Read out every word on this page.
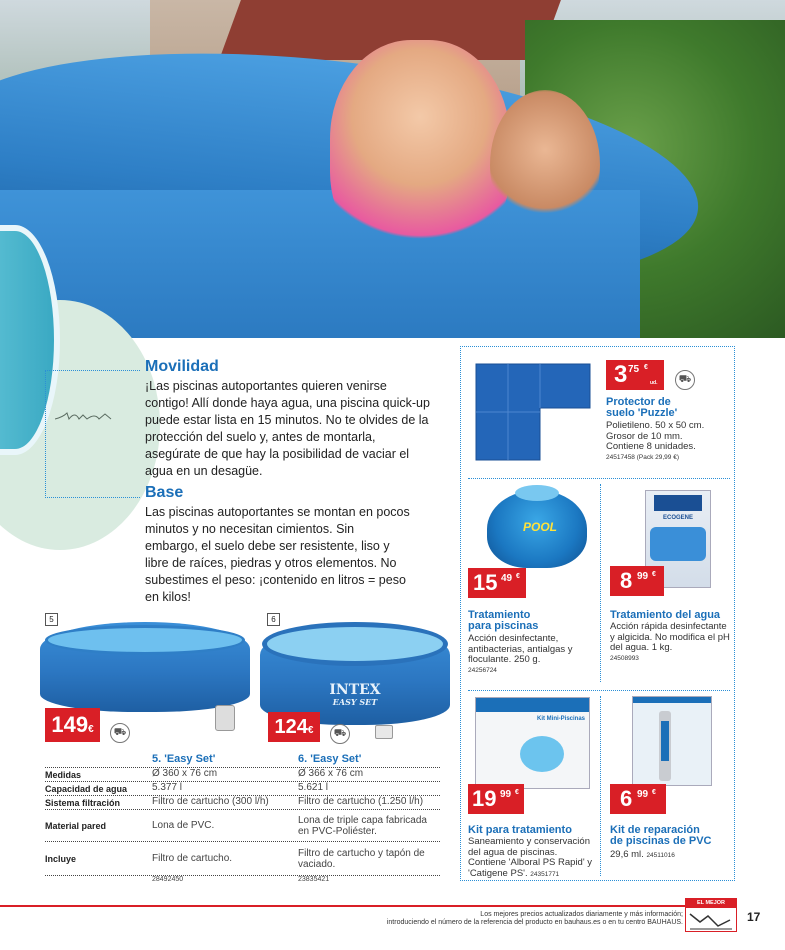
Movilidad
¡Las piscinas autoportantes quieren venirse contigo! Allí donde haya agua, una piscina quick-up puede estar lista en 15 minutos. No te olvides de la protección del suelo y, antes de montarla, asegúrate de que hay la posibilidad de vaciar el agua en un desagüe.
Base
Las piscinas autoportantes se montan en pocos minutos y no necesitan cimientos. Sin embargo, el suelo debe ser resistente, liso y libre de raíces, piedras y otros elementos. No subestimes el peso: ¡contenido en litros = peso en kilos!
5
149€	⛟
6
INTEX
EASY SET
124€	⛟
5. 'Easy Set'	6. 'Easy Set'
Medidas	Ø 360 x 76 cm	Ø 366 x 76 cm
Capacidad de agua	5.377 l	5.621 l
Sistema filtración	Filtro de cartucho (300 l/h)	Filtro de cartucho (1.250 l/h)
Material pared	Lona de PVC.	Lona de triple capa fabricada en PVC-Poliéster.
Incluye	Filtro de cartucho.	Filtro de cartucho y tapón de vaciado.
28492450	23835421
3 75 €
ud.	⛟
Protector de
suelo 'Puzzle'
Polietileno. 50 x 50 cm.
Grosor de 10 mm.
Contiene 8 unidades.
24517458 (Pack 29,99 €)
POOL
15 49 €
Tratamiento
para piscinas
Acción desinfectante, antibacterias, antialgas y floculante. 250 g.
24256724
ECOGENE
8 99 €
Tratamiento del agua
Acción rápida desinfectante y algicida. No modifica el pH del agua. 1 kg.
24508993
Kit Mini-Piscinas
19 99 €
Kit para tratamiento
Saneamiento y conservación del agua de piscinas. Contiene 'Alboral PS Rapid' y 'Catigene PS'. 24351771
6 99 €
Kit de reparación
de piscinas de PVC
29,6 ml. 24511016
Los mejores precios actualizados diariamente y más información;
introduciendo el número de la referencia del producto en bauhaus.es o en tu centro BAUHAUS.
EL MEJOR PRECIO	17
